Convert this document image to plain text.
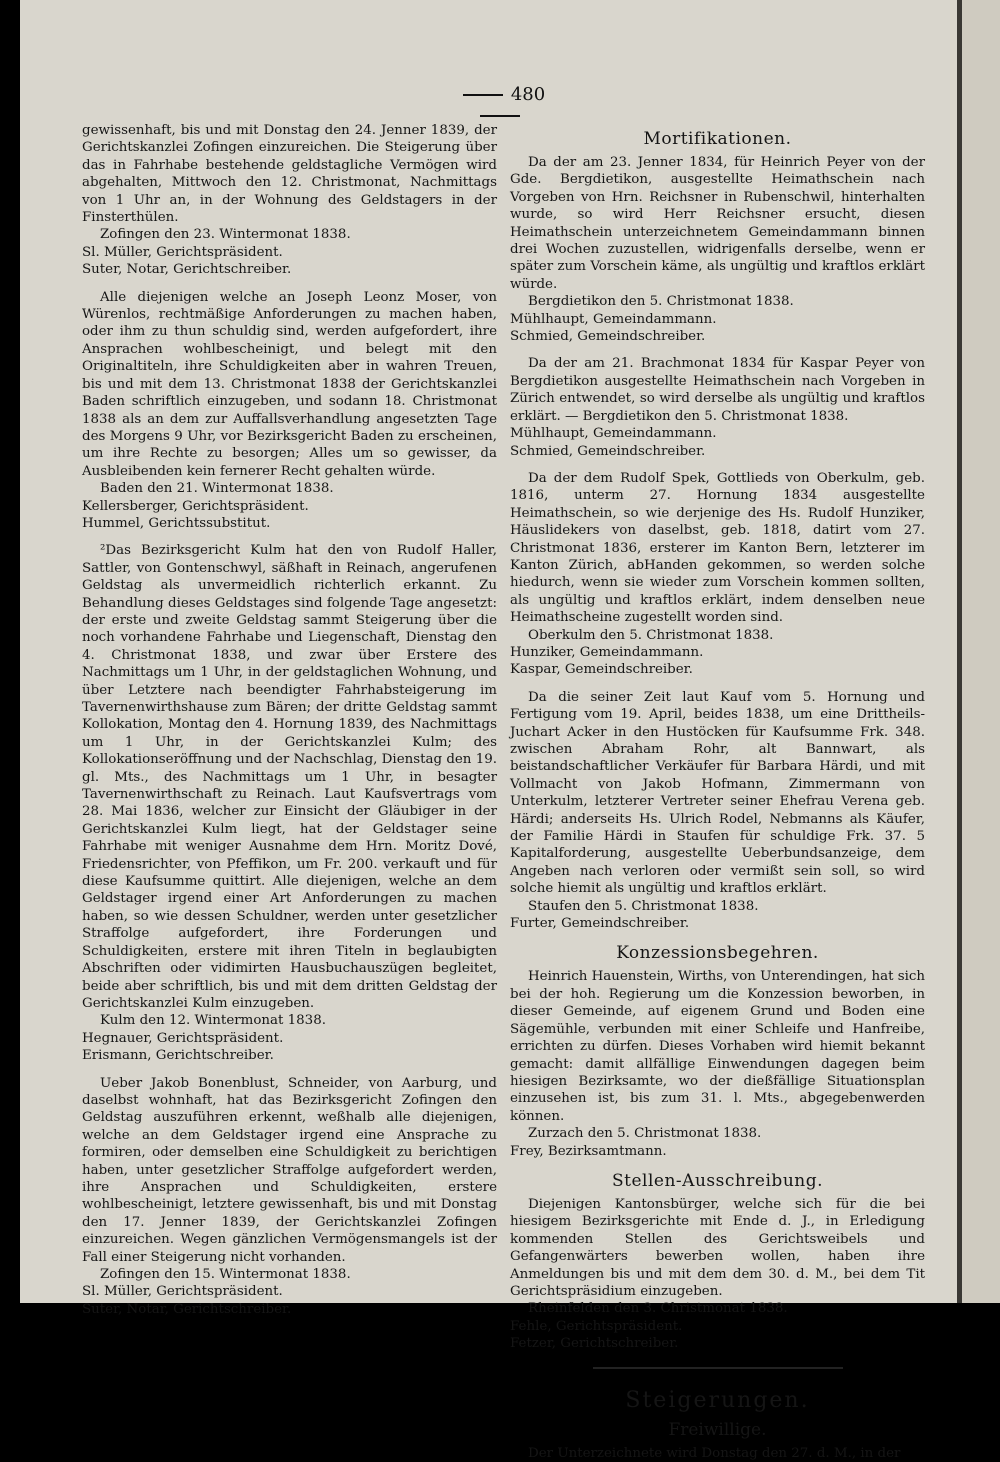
480

gewissenhaft, bis und mit Donstag den 24. Jenner 1839, der Gerichtskanzlei Zofingen einzureichen. Die Steigerung über das in Fahrhabe bestehende geldstagliche Vermögen wird abgehalten, Mittwoch den 12. Christmonat, Nachmittags von 1 Uhr an, in der Wohnung des Geldstagers in der Finsterthülen.

Zofingen den 23. Wintermonat 1838.

Sl. Müller, Gerichtspräsident.

Suter, Notar, Gerichtschreiber.

Alle diejenigen welche an Joseph Leonz Moser, von Würenlos, rechtmäßige Anforderungen zu machen haben, oder ihm zu thun schuldig sind, werden aufgefordert, ihre Ansprachen wohlbescheinigt, und belegt mit den Originaltiteln, ihre Schuldigkeiten aber in wahren Treuen, bis und mit dem 13. Christmonat 1838 der Gerichtskanzlei Baden schriftlich einzugeben, und sodann 18. Christmonat 1838 als an dem zur Auffallsverhandlung angesetzten Tage des Morgens 9 Uhr, vor Bezirksgericht Baden zu erscheinen, um ihre Rechte zu besorgen; Alles um so gewisser, da Ausbleibenden kein fernerer Recht gehalten würde.

Baden den 21. Wintermonat 1838.

Kellersberger, Gerichtspräsident.

Hummel, Gerichtssubstitut.

²Das Bezirksgericht Kulm hat den von Rudolf Haller, Sattler, von Gontenschwyl, säßhaft in Reinach, angerufenen Geldstag als unvermeidlich richterlich erkannt. Zu Behandlung dieses Geldstages sind folgende Tage angesetzt: der erste und zweite Geldstag sammt Steigerung über die noch vorhandene Fahrhabe und Liegenschaft, Dienstag den 4. Christmonat 1838, und zwar über Erstere des Nachmittags um 1 Uhr, in der geldstaglichen Wohnung, und über Letztere nach beendigter Fahrhabsteigerung im Tavernenwirthshause zum Bären; der dritte Geldstag sammt Kollokation, Montag den 4. Hornung 1839, des Nachmittags um 1 Uhr, in der Gerichtskanzlei Kulm; des Kollokationseröffnung und der Nachschlag, Dienstag den 19. gl. Mts., des Nachmittags um 1 Uhr, in besagter Tavernenwirthschaft zu Reinach. Laut Kaufsvertrags vom 28. Mai 1836, welcher zur Einsicht der Gläubiger in der Gerichtskanzlei Kulm liegt, hat der Geldstager seine Fahrhabe mit weniger Ausnahme dem Hrn. Moritz Dové, Friedensrichter, von Pfeffikon, um Fr. 200. verkauft und für diese Kaufsumme quittirt. Alle diejenigen, welche an dem Geldstager irgend einer Art Anforderungen zu machen haben, so wie dessen Schuldner, werden unter gesetzlicher Straffolge aufgefordert, ihre Forderungen und Schuldigkeiten, erstere mit ihren Titeln in beglaubigten Abschriften oder vidimirten Hausbuchauszügen begleitet, beide aber schriftlich, bis und mit dem dritten Geldstag der Gerichtskanzlei Kulm einzugeben.

Kulm den 12. Wintermonat 1838.

Hegnauer, Gerichtspräsident.

Erismann, Gerichtschreiber.

Ueber Jakob Bonenblust, Schneider, von Aarburg, und daselbst wohnhaft, hat das Bezirksgericht Zofingen den Geldstag auszuführen erkennt, weßhalb alle diejenigen, welche an dem Geldstager irgend eine Ansprache zu formiren, oder demselben eine Schuldigkeit zu berichtigen haben, unter gesetzlicher Straffolge aufgefordert werden, ihre Ansprachen und Schuldigkeiten, erstere wohlbescheinigt, letztere gewissenhaft, bis und mit Donstag den 17. Jenner 1839, der Gerichtskanzlei Zofingen einzureichen. Wegen gänzlichen Vermögensmangels ist der Fall einer Steigerung nicht vorhanden.

Zofingen den 15. Wintermonat 1838.

Sl. Müller, Gerichtspräsident.

Suter, Notar, Gerichtschreiber.

Mortifikationen.

Da der am 23. Jenner 1834, für Heinrich Peyer von der Gde. Bergdietikon, ausgestellte Heimathschein nach Vorgeben von Hrn. Reichsner in Rubenschwil, hinterhalten wurde, so wird Herr Reichsner ersucht, diesen Heimathschein unterzeichnetem Gemeindammann binnen drei Wochen zuzustellen, widrigenfalls derselbe, wenn er später zum Vorschein käme, als ungültig und kraftlos erklärt würde.

Bergdietikon den 5. Christmonat 1838.

Mühlhaupt, Gemeindammann.

Schmied, Gemeindschreiber.

Da der am 21. Brachmonat 1834 für Kaspar Peyer von Bergdietikon ausgestellte Heimathschein nach Vorgeben in Zürich entwendet, so wird derselbe als ungültig und kraftlos erklärt. — Bergdietikon den 5. Christmonat 1838.

Mühlhaupt, Gemeindammann.

Schmied, Gemeindschreiber.

Da der dem Rudolf Spek, Gottlieds von Oberkulm, geb. 1816, unterm 27. Hornung 1834 ausgestellte Heimathschein, so wie derjenige des Hs. Rudolf Hunziker, Häuslidekers von daselbst, geb. 1818, datirt vom 27. Christmonat 1836, ersterer im Kanton Bern, letzterer im Kanton Zürich, abHanden gekommen, so werden solche hiedurch, wenn sie wieder zum Vorschein kommen sollten, als ungültig und kraftlos erklärt, indem denselben neue Heimathscheine zugestellt worden sind.

Oberkulm den 5. Christmonat 1838.

Hunziker, Gemeindammann.

Kaspar, Gemeindschreiber.

Da die seiner Zeit laut Kauf vom 5. Hornung und Fertigung vom 19. April, beides 1838, um eine Drittheils-Juchart Acker in den Hustöcken für Kaufsumme Frk. 348. zwischen Abraham Rohr, alt Bannwart, als beistandschaftlicher Verkäufer für Barbara Härdi, und mit Vollmacht von Jakob Hofmann, Zimmermann von Unterkulm, letzterer Vertreter seiner Ehefrau Verena geb. Härdi; anderseits Hs. Ulrich Rodel, Nebmanns als Käufer, der Familie Härdi in Staufen für schuldige Frk. 37. 5 Kapitalforderung, ausgestellte Ueberbundsanzeige, dem Angeben nach verloren oder vermißt sein soll, so wird solche hiemit als ungültig und kraftlos erklärt.

Staufen den 5. Christmonat 1838.

Furter, Gemeindschreiber.

Konzessionsbegehren.

Heinrich Hauenstein, Wirths, von Unterendingen, hat sich bei der hoh. Regierung um die Konzession beworben, in dieser Gemeinde, auf eigenem Grund und Boden eine Sägemühle, verbunden mit einer Schleife und Hanfreibe, errichten zu dürfen. Dieses Vorhaben wird hiemit bekannt gemacht: damit allfällige Einwendungen dagegen beim hiesigen Bezirksamte, wo der dießfällige Situationsplan einzusehen ist, bis zum 31. l. Mts., abgegebenwerden können.

Zurzach den 5. Christmonat 1838.

Frey, Bezirksamtmann.

Stellen-Ausschreibung.

Diejenigen Kantonsbürger, welche sich für die bei hiesigem Bezirksgerichte mit Ende d. J., in Erledigung kommenden Stellen des Gerichtsweibels und Gefangenwärters bewerben wollen, haben ihre Anmeldungen bis und mit dem dem 30. d. M., bei dem Tit Gerichtspräsidium einzugeben.

Rheinfelden den 3. Christmonat 1838.

Fehle, Gerichtspräsident.

Fetzer, Gerichtschreiber.

Steigerungen.
Freiwillige.

Der Unterzeichnete wird Donstag den 27. d. M., in der
